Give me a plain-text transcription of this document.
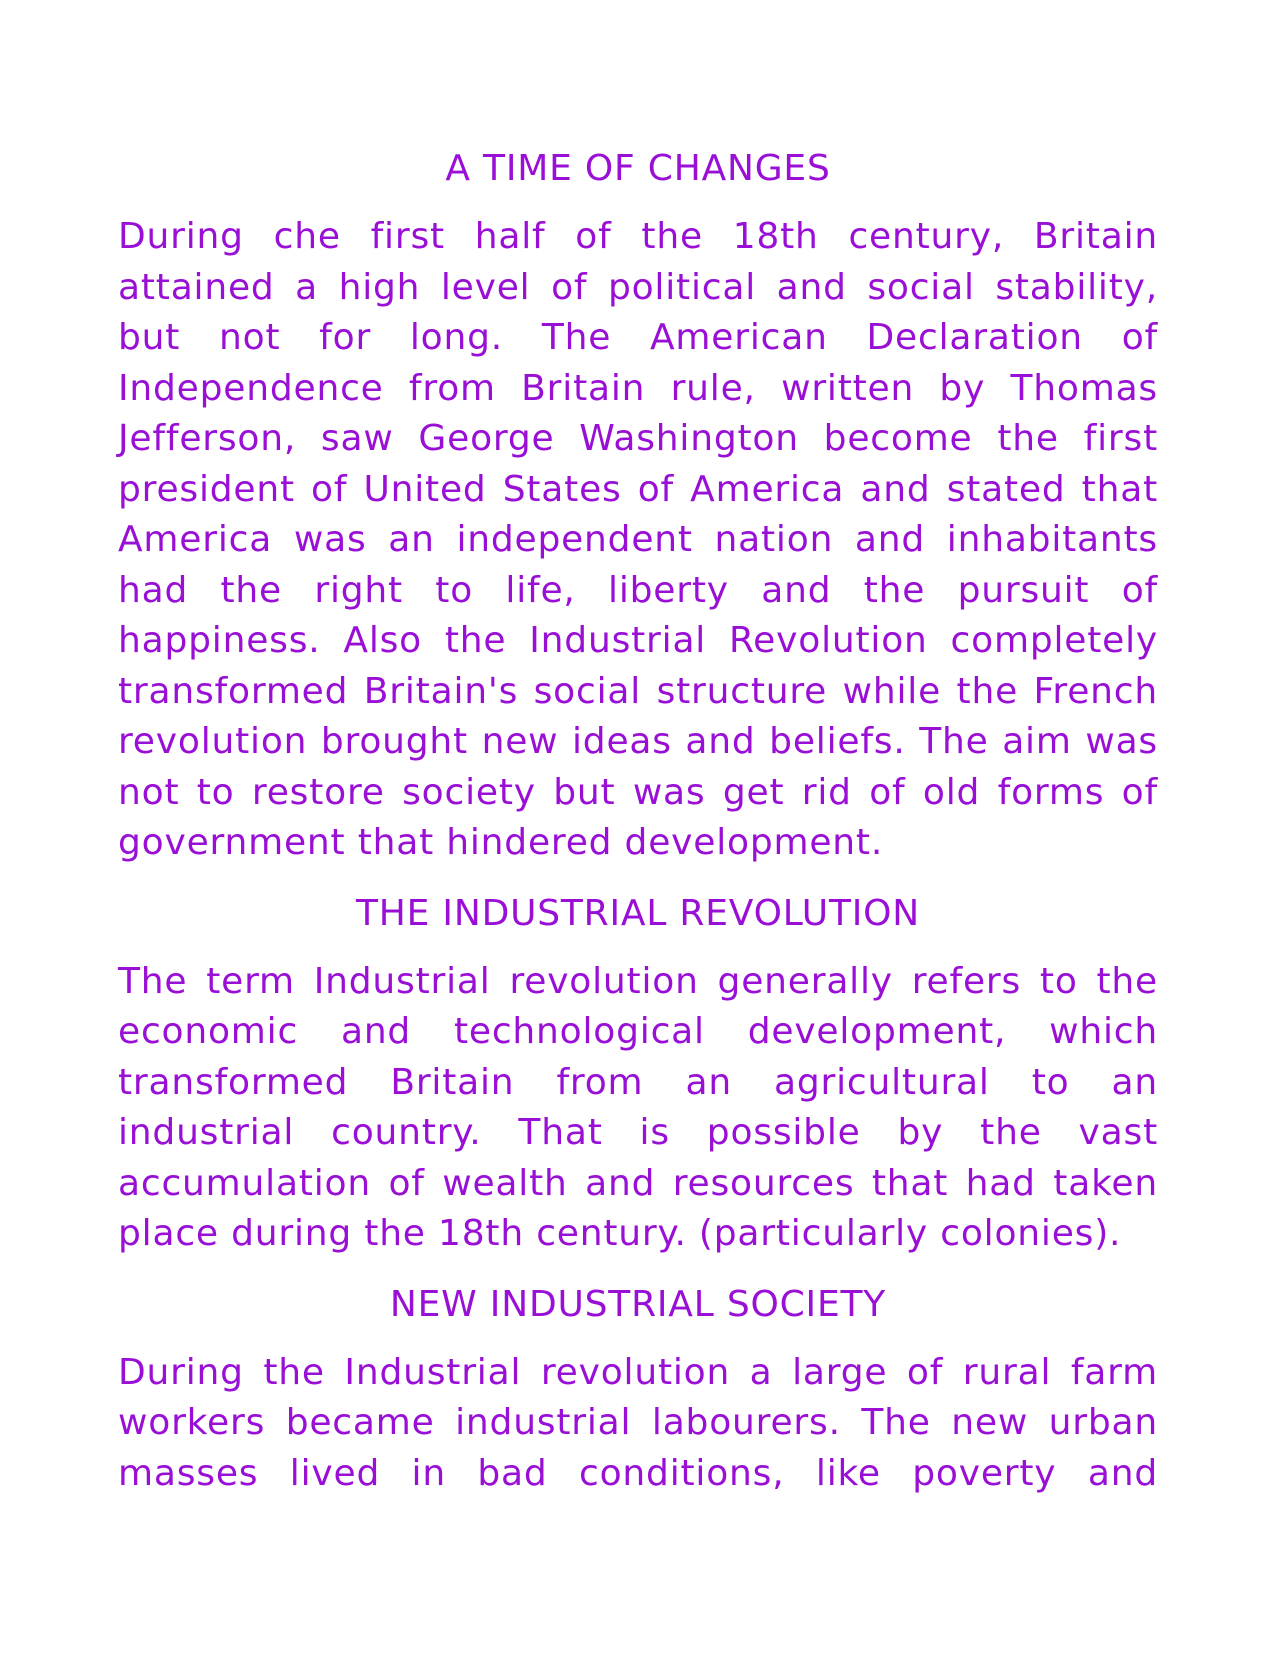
A TIME OF CHANGES

During che first half of the 18th century, Britain attained a high level of political and social stability, but not for long. The American Declaration of Independence from Britain rule, written by Thomas Jefferson, saw George Washington become the first president of United States of America and stated that America was an independent nation and inhabitants had the right to life, liberty and the pursuit of happiness. Also the Industrial Revolution completely transformed Britain's social structure while the French revolution brought new ideas and beliefs. The aim was not to restore society but was get rid of old forms of government that hindered development.

THE INDUSTRIAL REVOLUTION

The term Industrial revolution generally refers to the economic and technological development, which transformed Britain from an agricultural to an industrial country. That is possible by the vast accumulation of wealth and resources that had taken place during the 18th century. (particularly colonies).

NEW INDUSTRIAL SOCIETY

During the Industrial revolution a large of rural farm workers became industrial labourers. The new urban masses lived in bad conditions, like poverty and
